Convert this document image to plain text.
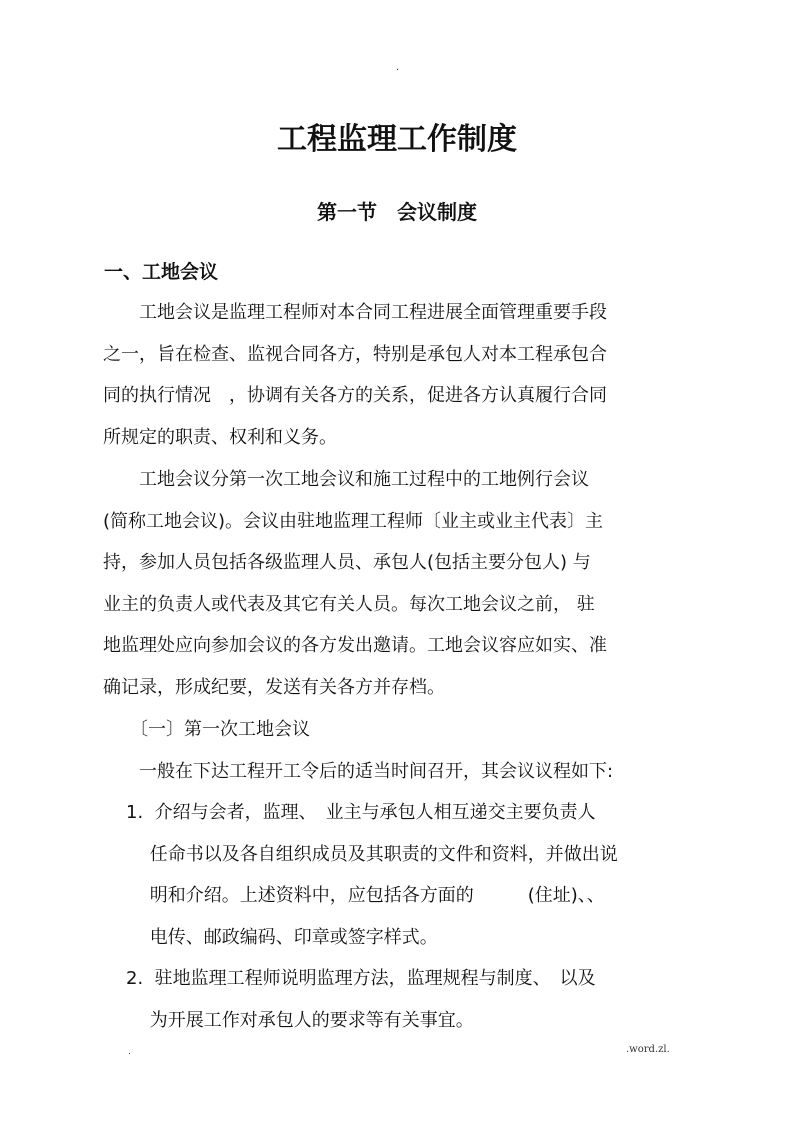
.
工程监理工作制度
第一节　会议制度
一、工地会议
　　工地会议是监理工程师对本合同工程进展全面管理重要手段
之一，旨在检查、监视合同各方，特别是承包人对本工程承包合
同的执行情况　，协调有关各方的关系，促进各方认真履行合同
所规定的职责、权利和义务。
　　工地会议分第一次工地会议和施工过程中的工地例行会议
(简称工地会议)。会议由驻地监理工程师〔业主或业主代表〕主
持，参加人员包括各级监理人员、承包人(包括主要分包人) 与
业主的负责人或代表及其它有关人员。每次工地会议之前， 驻
地监理处应向参加会议的各方发出邀请。工地会议容应如实、准
确记录，形成纪要，发送有关各方并存档。
　　〔一〕第一次工地会议
　　一般在下达工程开工令后的适当时间召开，其会议议程如下:
1.  介绍与会者，监理、　业主与承包人相互递交主要负责人
　 任命书以及各自组织成员及其职责的文件和资料，并做出说
　 明和介绍。上述资料中，应包括各方面的　　　(住址)、、
　 电传、邮政编码、印章或签字样式。
2.  驻地监理工程师说明监理方法，监理规程与制度、　以及
　 为开展工作对承包人的要求等有关事宜。
.	.word.zl.
